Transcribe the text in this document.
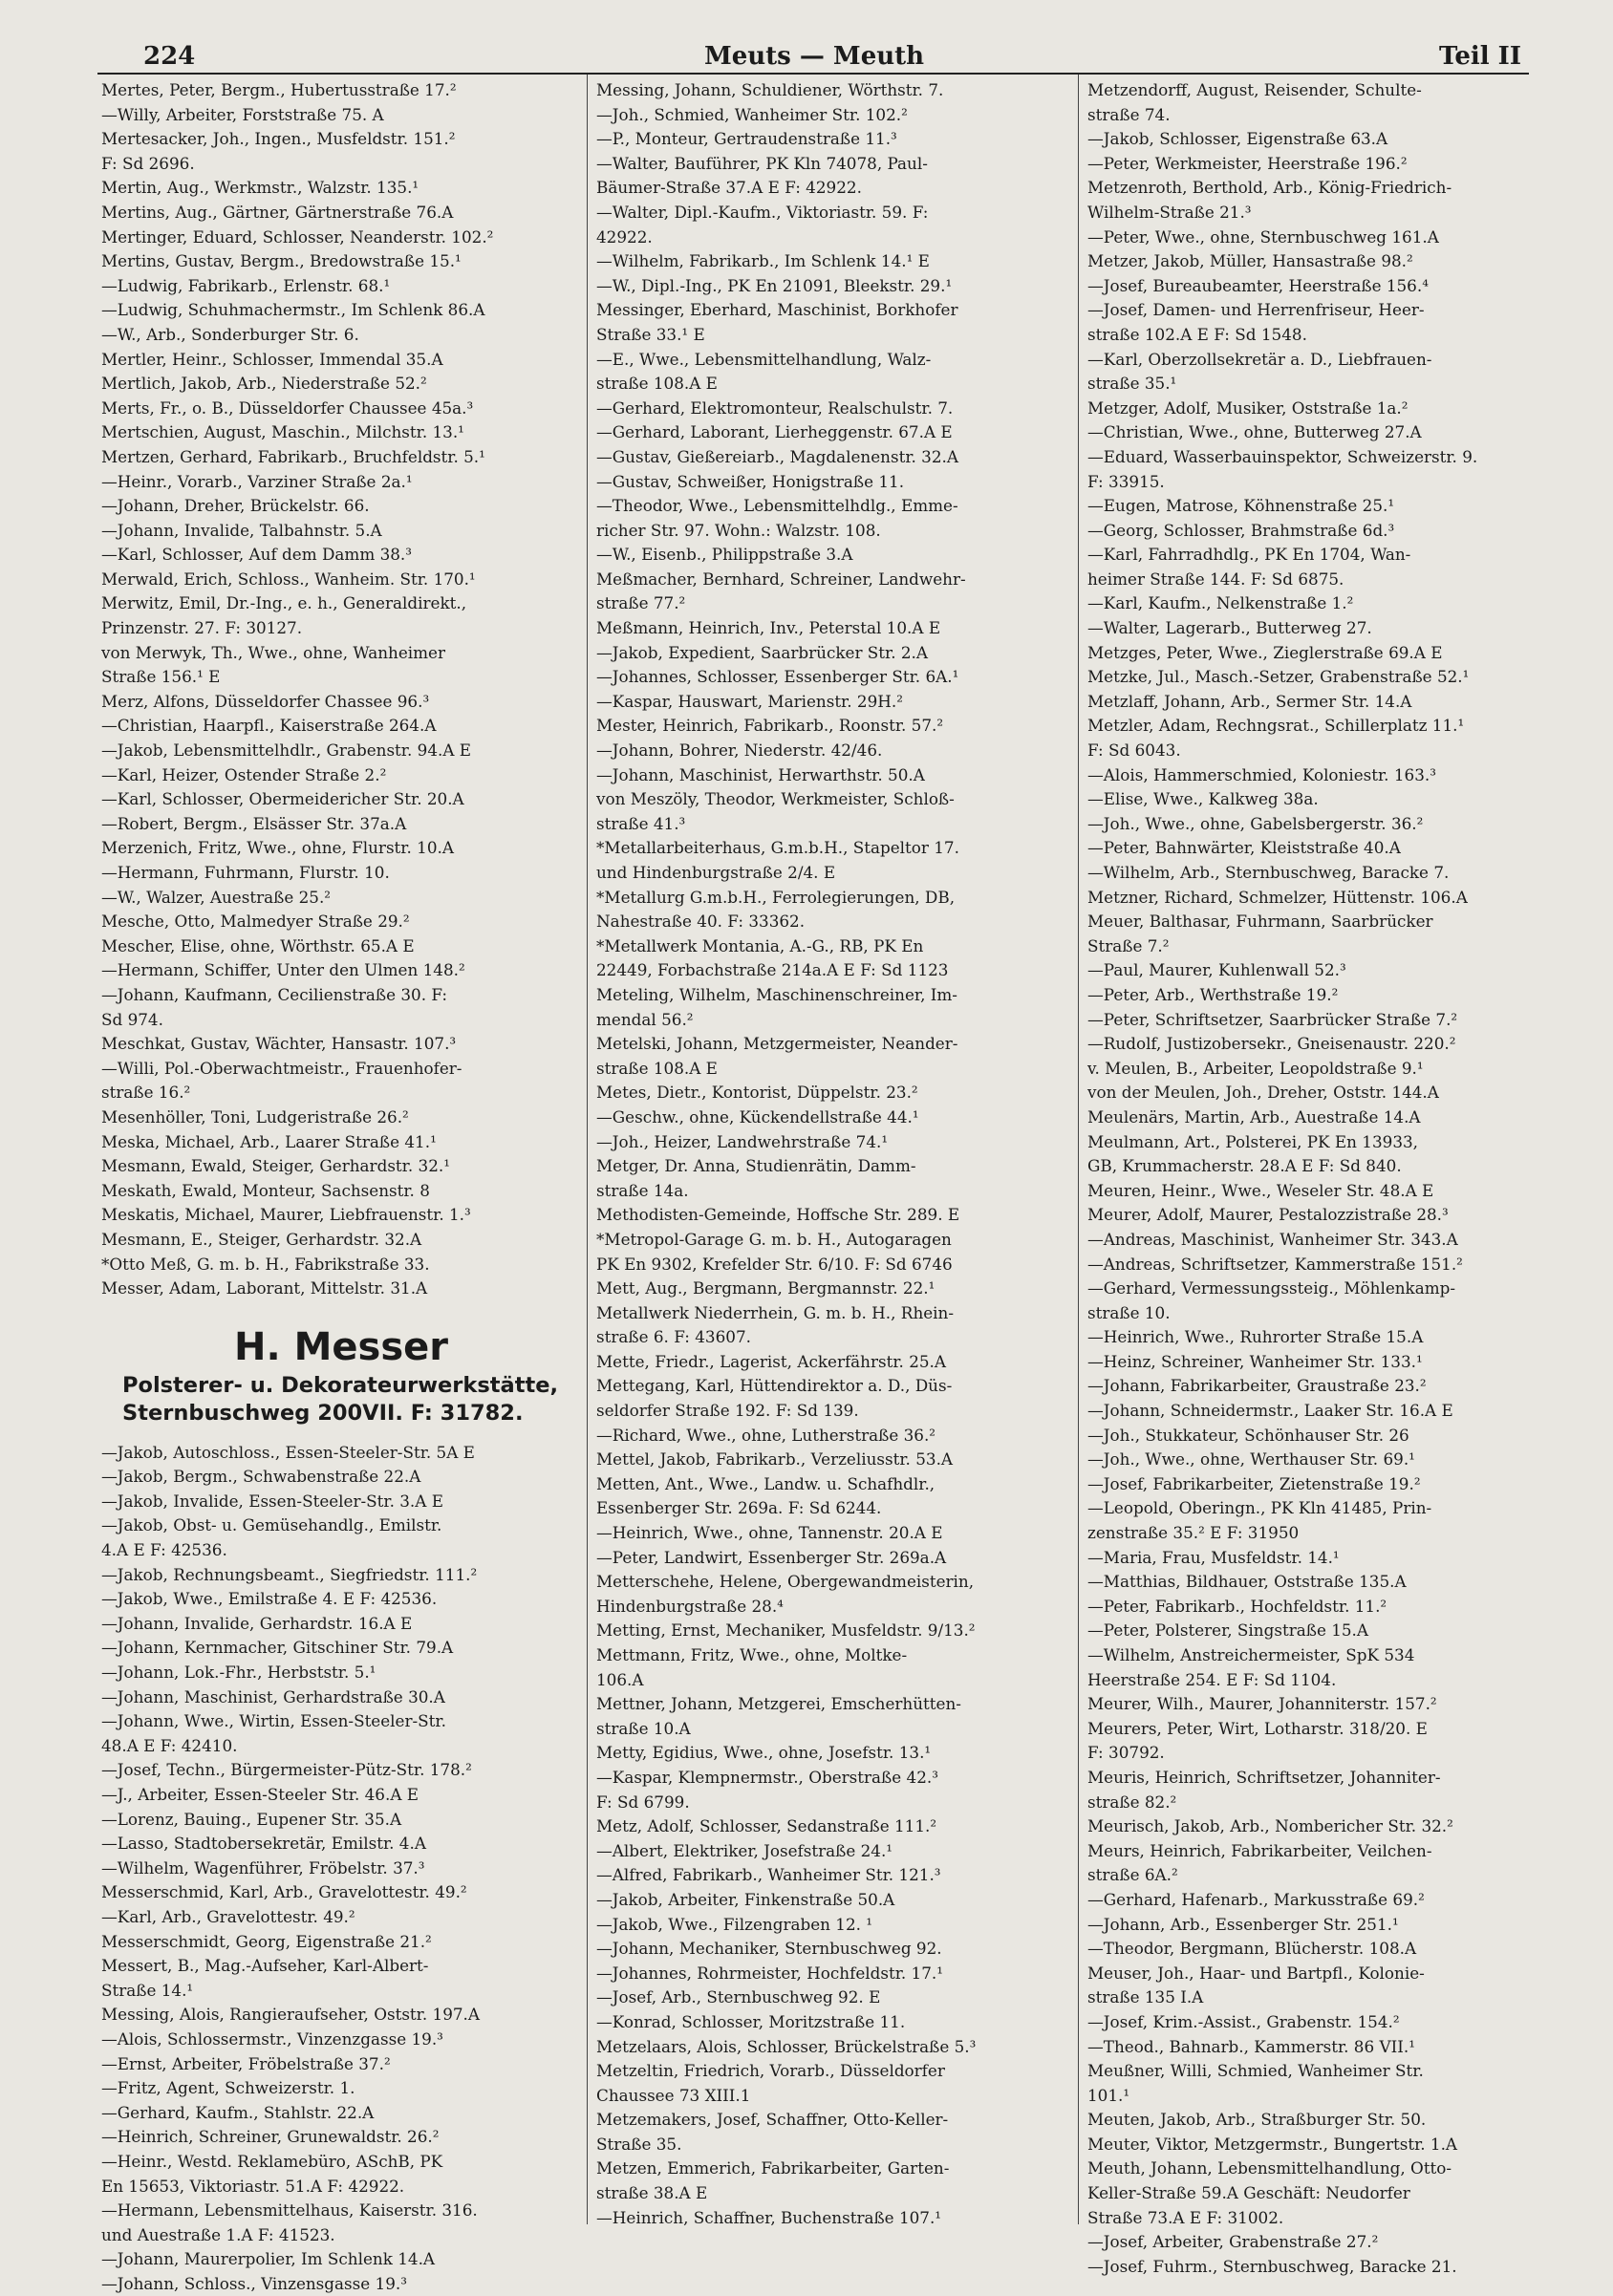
224	Meuts — Meuth	Teil II
Mertes, Peter, Bergm., Hubertusstraße 17.²
—Willy, Arbeiter, Forststraße 75. A
Mertesacker, Joh., Ingen., Musfeldstr. 151.²
F: Sd 2696.
Mertin, Aug., Werkmstr., Walzstr. 135.¹
Mertins, Aug., Gärtner, Gärtnerstraße 76.A
Mertinger, Eduard, Schlosser, Neanderstr. 102.²
Mertins, Gustav, Bergm., Bredowstraße 15.¹
—Ludwig, Fabrikarb., Erlenstr. 68.¹
—Ludwig, Schuhmachermstr., Im Schlenk 86.A
—W., Arb., Sonderburger Str. 6.
Mertler, Heinr., Schlosser, Immendal 35.A
Mertlich, Jakob, Arb., Niederstraße 52.²
Merts, Fr., o. B., Düsseldorfer Chaussee 45a.³
Mertschien, August, Maschin., Milchstr. 13.¹
Mertzen, Gerhard, Fabrikarb., Bruchfeldstr. 5.¹
—Heinr., Vorarb., Varziner Straße 2a.¹
—Johann, Dreher, Brückelstr. 66.
—Johann, Invalide, Talbahnstr. 5.A
—Karl, Schlosser, Auf dem Damm 38.³
Merwald, Erich, Schloss., Wanheim. Str. 170.¹
Merwitz, Emil, Dr.-Ing., e. h., Generaldirekt.,
Prinzenstr. 27. F: 30127.
von Merwyk, Th., Wwe., ohne, Wanheimer
Straße 156.¹ E
Merz, Alfons, Düsseldorfer Chassee 96.³
—Christian, Haarpfl., Kaiserstraße 264.A
—Jakob, Lebensmittelhdlr., Grabenstr. 94.A E
—Karl, Heizer, Ostender Straße 2.²
—Karl, Schlosser, Obermeidericher Str. 20.A
—Robert, Bergm., Elsässer Str. 37a.A
Merzenich, Fritz, Wwe., ohne, Flurstr. 10.A
—Hermann, Fuhrmann, Flurstr. 10.
—W., Walzer, Auestraße 25.²
Mesche, Otto, Malmedyer Straße 29.²
Mescher, Elise, ohne, Wörthstr. 65.A E
—Hermann, Schiffer, Unter den Ulmen 148.²
—Johann, Kaufmann, Cecilienstraße 30. F:
Sd 974.
Meschkat, Gustav, Wächter, Hansastr. 107.³
—Willi, Pol.-Oberwachtmeistr., Frauenhofer-
straße 16.²
Mesenhöller, Toni, Ludgeristraße 26.²
Meska, Michael, Arb., Laarer Straße 41.¹
Mesmann, Ewald, Steiger, Gerhardstr. 32.¹
Meskath, Ewald, Monteur, Sachsenstr. 8
Meskatis, Michael, Maurer, Liebfrauenstr. 1.³
Mesmann, E., Steiger, Gerhardstr. 32.A
*Otto Meß, G. m. b. H., Fabrikstraße 33.
Messer, Adam, Laborant, Mittelstr. 31.A
H. Messer
Polsterer- u. Dekorateurwerkstätte,
Sternbuschweg 200VII. F: 31782.
—Jakob, Autoschloss., Essen-Steeler-Str. 5A E
—Jakob, Bergm., Schwabenstraße 22.A
—Jakob, Invalide, Essen-Steeler-Str. 3.A E
—Jakob, Obst- u. Gemüsehandlg., Emilstr.
4.A E F: 42536.
—Jakob, Rechnungsbeamt., Siegfriedstr. 111.²
—Jakob, Wwe., Emilstraße 4. E F: 42536.
—Johann, Invalide, Gerhardstr. 16.A E
—Johann, Kernmacher, Gitschiner Str. 79.A
—Johann, Lok.-Fhr., Herbststr. 5.¹
—Johann, Maschinist, Gerhardstraße 30.A
—Johann, Wwe., Wirtin, Essen-Steeler-Str.
48.A E F: 42410.
—Josef, Techn., Bürgermeister-Pütz-Str. 178.²
—J., Arbeiter, Essen-Steeler Str. 46.A E
—Lorenz, Bauing., Eupener Str. 35.A
—Lasso, Stadtobersekretär, Emilstr. 4.A
—Wilhelm, Wagenführer, Fröbelstr. 37.³
Messerschmid, Karl, Arb., Gravelottestr. 49.²
—Karl, Arb., Gravelottestr. 49.²
Messerschmidt, Georg, Eigenstraße 21.²
Messert, B., Mag.-Aufseher, Karl-Albert-
Straße 14.¹
Messing, Alois, Rangieraufseher, Oststr. 197.A
—Alois, Schlossermstr., Vinzenzgasse 19.³
—Ernst, Arbeiter, Fröbelstraße 37.²
—Fritz, Agent, Schweizerstr. 1.
—Gerhard, Kaufm., Stahlstr. 22.A
—Heinrich, Schreiner, Grunewaldstr. 26.²
—Heinr., Westd. Reklamebüro, ASchB, PK
En 15653, Viktoriastr. 51.A F: 42922.
—Hermann, Lebensmittelhaus, Kaiserstr. 316.
und Auestraße 1.A F: 41523.
—Johann, Maurerpolier, Im Schlenk 14.A
—Johann, Schloss., Vinzensgasse 19.³
Messing, Johann, Schuldiener, Wörthstr. 7.
—Joh., Schmied, Wanheimer Str. 102.²
—P., Monteur, Gertraudenstraße 11.³
—Walter, Bauführer, PK Kln 74078, Paul-
Bäumer-Straße 37.A E F: 42922.
—Walter, Dipl.-Kaufm., Viktoriastr. 59. F:
42922.
—Wilhelm, Fabrikarb., Im Schlenk 14.¹ E
—W., Dipl.-Ing., PK En 21091, Bleekstr. 29.¹
Messinger, Eberhard, Maschinist, Borkhofer
Straße 33.¹ E
—E., Wwe., Lebensmittelhandlung, Walz-
straße 108.A E
—Gerhard, Elektromonteur, Realschulstr. 7.
—Gerhard, Laborant, Lierheggenstr. 67.A E
—Gustav, Gießereiarb., Magdalenenstr. 32.A
—Gustav, Schweißer, Honigstraße 11.
—Theodor, Wwe., Lebensmittelhdlg., Emme-
richer Str. 97. Wohn.: Walzstr. 108.
—W., Eisenb., Philippstraße 3.A
Meßmacher, Bernhard, Schreiner, Landwehr-
straße 77.²
Meßmann, Heinrich, Inv., Peterstal 10.A E
—Jakob, Expedient, Saarbrücker Str. 2.A
—Johannes, Schlosser, Essenberger Str. 6A.¹
—Kaspar, Hauswart, Marienstr. 29H.²
Mester, Heinrich, Fabrikarb., Roonstr. 57.²
—Johann, Bohrer, Niederstr. 42/46.
—Johann, Maschinist, Herwarthstr. 50.A
von Meszöly, Theodor, Werkmeister, Schloß-
straße 41.³
*Metallarbeiterhaus, G.m.b.H., Stapeltor 17.
und Hindenburgstraße 2/4. E
*Metallurg G.m.b.H., Ferrolegierungen, DB,
Nahestraße 40. F: 33362.
*Metallwerk Montania, A.-G., RB, PK En
22449, Forbachstraße 214a.A E F: Sd 1123
Meteling, Wilhelm, Maschinenschreiner, Im-
mendal 56.²
Metelski, Johann, Metzgermeister, Neander-
straße 108.A E
Metes, Dietr., Kontorist, Düppelstr. 23.²
—Geschw., ohne, Kückendellstraße 44.¹
—Joh., Heizer, Landwehrstraße 74.¹
Metger, Dr. Anna, Studienrätin, Damm-
straße 14a.
Methodisten-Gemeinde, Hoffsche Str. 289. E
*Metropol-Garage G. m. b. H., Autogaragen
PK En 9302, Krefelder Str. 6/10. F: Sd 6746
Mett, Aug., Bergmann, Bergmannstr. 22.¹
Metallwerk Niederrhein, G. m. b. H., Rhein-
straße 6. F: 43607.
Mette, Friedr., Lagerist, Ackerfährstr. 25.A
Mettegang, Karl, Hüttendirektor a. D., Düs-
seldorfer Straße 192. F: Sd 139.
—Richard, Wwe., ohne, Lutherstraße 36.²
Mettel, Jakob, Fabrikarb., Verzeliusstr. 53.A
Metten, Ant., Wwe., Landw. u. Schafhdlr.,
Essenberger Str. 269a. F: Sd 6244.
—Heinrich, Wwe., ohne, Tannenstr. 20.A E
—Peter, Landwirt, Essenberger Str. 269a.A
Metterschehe, Helene, Obergewandmeisterin,
Hindenburgstraße 28.⁴
Metting, Ernst, Mechaniker, Musfeldstr. 9/13.²
Mettmann, Fritz, Wwe., ohne, Moltke-
106.A
Mettner, Johann, Metzgerei, Emscherhütten-
straße 10.A
Metty, Egidius, Wwe., ohne, Josefstr. 13.¹
—Kaspar, Klempnermstr., Oberstraße 42.³
F: Sd 6799.
Metz, Adolf, Schlosser, Sedanstraße 111.²
—Albert, Elektriker, Josefstraße 24.¹
—Alfred, Fabrikarb., Wanheimer Str. 121.³
—Jakob, Arbeiter, Finkenstraße 50.A
—Jakob, Wwe., Filzengraben 12. ¹
—Johann, Mechaniker, Sternbuschweg 92.
—Johannes, Rohrmeister, Hochfeldstr. 17.¹
—Josef, Arb., Sternbuschweg 92. E
—Konrad, Schlosser, Moritzstraße 11.
Metzelaars, Alois, Schlosser, Brückelstraße 5.³
Metzeltin, Friedrich, Vorarb., Düsseldorfer
Chaussee 73 XIII.1
Metzemakers, Josef, Schaffner, Otto-Keller-
Straße 35.
Metzen, Emmerich, Fabrikarbeiter, Garten-
straße 38.A E
—Heinrich, Schaffner, Buchenstraße 107.¹
Metzendorff, August, Reisender, Schulte-
straße 74.
—Jakob, Schlosser, Eigenstraße 63.A
—Peter, Werkmeister, Heerstraße 196.²
Metzenroth, Berthold, Arb., König-Friedrich-
Wilhelm-Straße 21.³
—Peter, Wwe., ohne, Sternbuschweg 161.A
Metzer, Jakob, Müller, Hansastraße 98.²
—Josef, Bureaubeamter, Heerstraße 156.⁴
—Josef, Damen- und Herrenfriseur, Heer-
straße 102.A E F: Sd 1548.
—Karl, Oberzollsekretär a. D., Liebfrauen-
straße 35.¹
Metzger, Adolf, Musiker, Oststraße 1a.²
—Christian, Wwe., ohne, Butterweg 27.A
—Eduard, Wasserbauinspektor, Schweizerstr. 9.
F: 33915.
—Eugen, Matrose, Köhnenstraße 25.¹
—Georg, Schlosser, Brahmstraße 6d.³
—Karl, Fahrradhdlg., PK En 1704, Wan-
heimer Straße 144. F: Sd 6875.
—Karl, Kaufm., Nelkenstraße 1.²
—Walter, Lagerarb., Butterweg 27.
Metzges, Peter, Wwe., Zieglerstraße 69.A E
Metzke, Jul., Masch.-Setzer, Grabenstraße 52.¹
Metzlaff, Johann, Arb., Sermer Str. 14.A
Metzler, Adam, Rechngsrat., Schillerplatz 11.¹
F: Sd 6043.
—Alois, Hammerschmied, Koloniestr. 163.³
—Elise, Wwe., Kalkweg 38a.
—Joh., Wwe., ohne, Gabelsbergerstr. 36.²
—Peter, Bahnwärter, Kleiststraße 40.A
—Wilhelm, Arb., Sternbuschweg, Baracke 7.
Metzner, Richard, Schmelzer, Hüttenstr. 106.A
Meuer, Balthasar, Fuhrmann, Saarbrücker
Straße 7.²
—Paul, Maurer, Kuhlenwall 52.³
—Peter, Arb., Werthstraße 19.²
—Peter, Schriftsetzer, Saarbrücker Straße 7.²
—Rudolf, Justizobersekr., Gneisenaustr. 220.²
v. Meulen, B., Arbeiter, Leopoldstraße 9.¹
von der Meulen, Joh., Dreher, Oststr. 144.A
Meulenärs, Martin, Arb., Auestraße 14.A
Meulmann, Art., Polsterei, PK En 13933,
GB, Krummacherstr. 28.A E F: Sd 840.
Meuren, Heinr., Wwe., Weseler Str. 48.A E
Meurer, Adolf, Maurer, Pestalozzistraße 28.³
—Andreas, Maschinist, Wanheimer Str. 343.A
—Andreas, Schriftsetzer, Kammerstraße 151.²
—Gerhard, Vermessungssteig., Möhlenkamp-
straße 10.
—Heinrich, Wwe., Ruhrorter Straße 15.A
—Heinz, Schreiner, Wanheimer Str. 133.¹
—Johann, Fabrikarbeiter, Graustraße 23.²
—Johann, Schneidermstr., Laaker Str. 16.A E
—Joh., Stukkateur, Schönhauser Str. 26
—Joh., Wwe., ohne, Werthauser Str. 69.¹
—Josef, Fabrikarbeiter, Zietenstraße 19.²
—Leopold, Oberingn., PK Kln 41485, Prin-
zenstraße 35.² E F: 31950
—Maria, Frau, Musfeldstr. 14.¹
—Matthias, Bildhauer, Oststraße 135.A
—Peter, Fabrikarb., Hochfeldstr. 11.²
—Peter, Polsterer, Singstraße 15.A
—Wilhelm, Anstreichermeister, SpK 534
Heerstraße 254. E F: Sd 1104.
Meurer, Wilh., Maurer, Johanniterstr. 157.²
Meurers, Peter, Wirt, Lotharstr. 318/20. E
F: 30792.
Meuris, Heinrich, Schriftsetzer, Johanniter-
straße 82.²
Meurisch, Jakob, Arb., Nombericher Str. 32.²
Meurs, Heinrich, Fabrikarbeiter, Veilchen-
straße 6A.²
—Gerhard, Hafenarb., Markusstraße 69.²
—Johann, Arb., Essenberger Str. 251.¹
—Theodor, Bergmann, Blücherstr. 108.A
Meuser, Joh., Haar- und Bartpfl., Kolonie-
straße 135 I.A
—Josef, Krim.-Assist., Grabenstr. 154.²
—Theod., Bahnarb., Kammerstr. 86 VII.¹
Meußner, Willi, Schmied, Wanheimer Str.
101.¹
Meuten, Jakob, Arb., Straßburger Str. 50.
Meuter, Viktor, Metzgermstr., Bungertstr. 1.A
Meuth, Johann, Lebensmittelhandlung, Otto-
Keller-Straße 59.A Geschäft: Neudorfer
Straße 73.A E F: 31002.
—Josef, Arbeiter, Grabenstraße 27.²
—Josef, Fuhrm., Sternbuschweg, Baracke 21.
